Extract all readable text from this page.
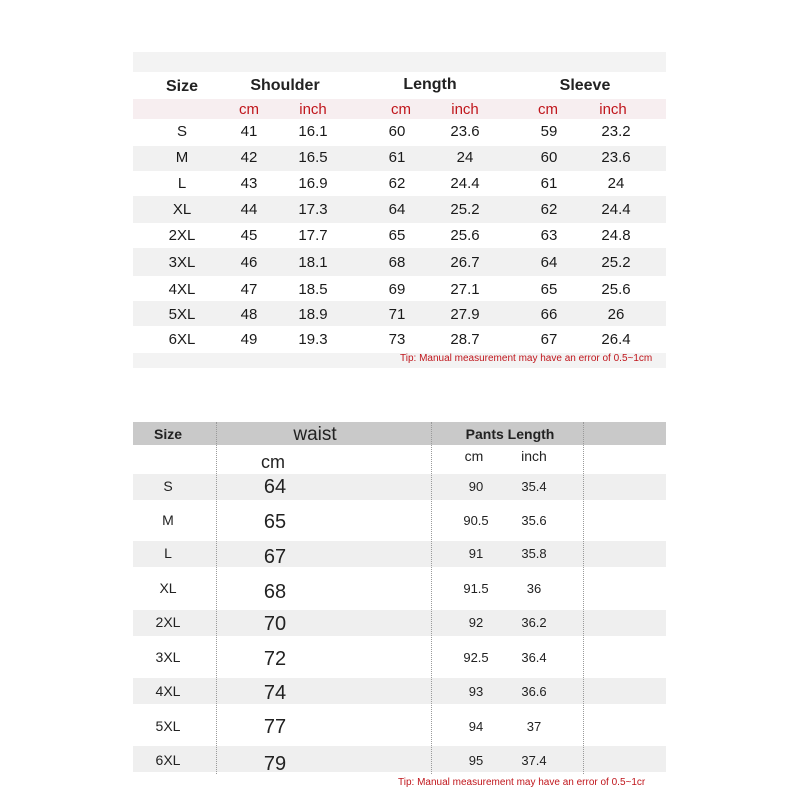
Size	Shoulder	Length	Sleeve
cm	inch	cm	inch	cm	inch
S	41	16.1	60	23.6	59	23.2
M	42	16.5	61	24	60	23.6
L	43	16.9	62	24.4	61	24
XL	44	17.3	64	25.2	62	24.4
2XL	45	17.7	65	25.6	63	24.8
3XL	46	18.1	68	26.7	64	25.2
4XL	47	18.5	69	27.1	65	25.6
5XL	48	18.9	71	27.9	66	26
6XL	49	19.3	73	28.7	67	26.4
Tip: Manual measurement may have an error of 0.5~1cm
Size	waist	Pants Length
cm	cm	inch
S	64	90	35.4
M	65	90.5	35.6
L	67	91	35.8
XL	68	91.5	36
2XL	70	92	36.2
3XL	72	92.5	36.4
4XL	74	93	36.6
5XL	77	94	37
6XL	79	95	37.4
Tip: Manual measurement may have an error of 0.5~1cr
